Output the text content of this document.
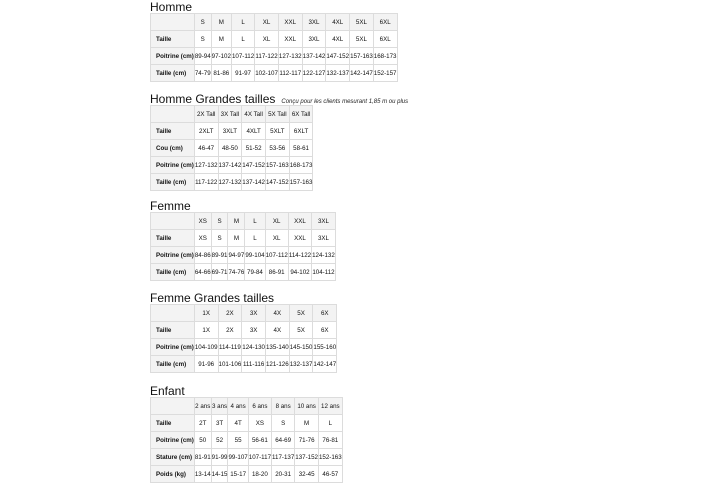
Homme
	S	M	L	XL	XXL	3XL	4XL	5XL	6XL
Taille	S	M	L	XL	XXL	3XL	4XL	5XL	6XL
Poitrine (cm)	89-94	97-102	107-112	117-122	127-132	137-142	147-152	157-163	168-173
Taille (cm)	74-79	81-86	91-97	102-107	112-117	122-127	132-137	142-147	152-157
Homme Grandes tailles Conçu pour les clients mesurant 1,85 m ou plus
	2X Tall	3X Tall	4X Tall	5X Tall	6X Tall
Taille	2XLT	3XLT	4XLT	5XLT	6XLT
Cou (cm)	46-47	48-50	51-52	53-56	58-61
Poitrine (cm)	127-132	137-142	147-152	157-163	168-173
Taille (cm)	117-122	127-132	137-142	147-152	157-163
Femme
	XS	S	M	L	XL	XXL	3XL
Taille	XS	S	M	L	XL	XXL	3XL
Poitrine (cm)	84-86	89-91	94-97	99-104	107-112	114-122	124-132
Taille (cm)	64-66	69-71	74-76	79-84	86-91	94-102	104-112
Femme Grandes tailles
	1X	2X	3X	4X	5X	6X
Taille	1X	2X	3X	4X	5X	6X
Poitrine (cm)	104-109	114-119	124-130	135-140	145-150	155-160
Taille (cm)	91-96	101-106	111-116	121-126	132-137	142-147
Enfant
	2 ans	3 ans	4 ans	6 ans	8 ans	10 ans	12 ans
Taille	2T	3T	4T	XS	S	M	L
Poitrine (cm)	50	52	55	56-61	64-69	71-76	76-81
Stature (cm)	81-91	91-99	99-107	107-117	117-137	137-152	152-163
Poids (kg)	13-14	14-15	15-17	18-20	20-31	32-45	46-57
